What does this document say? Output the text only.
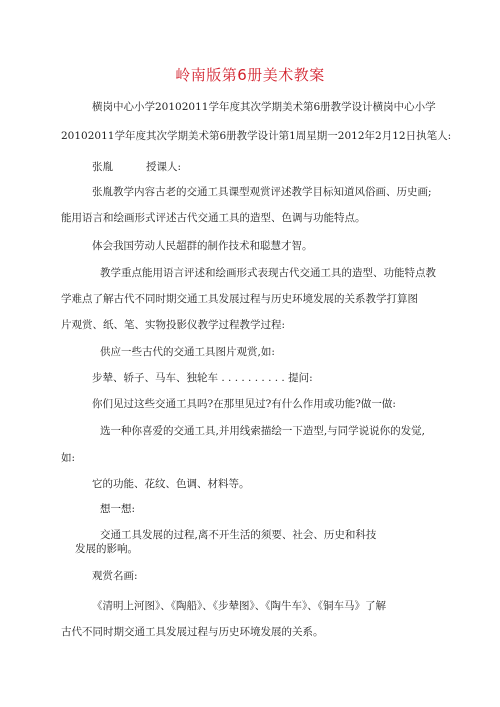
岭南版第6册美术教案
横岗中心小学20102011学年度其次学期美术第6册教学设计横岗中心小学
20102011学年度其次学期美术第6册教学设计第1周星期一2012年2月12日执笔人:
张胤	授课人:
张胤教学内容古老的交通工具课型观赏评述教学目标知道风俗画、历史画;
能用语言和绘画形式评述古代交通工具的造型、色调与功能特点。
体会我国劳动人民超群的制作技术和聪慧才智。
教学重点能用语言评述和绘画形式表现古代交通工具的造型、功能特点教
学难点了解古代不同时期交通工具发展过程与历史环境发展的关系教学打算图
片观赏、纸、笔、实物投影仪教学过程教学过程:
供应一些古代的交通工具图片观赏,如:
步辇、轿子、马车、独轮车 . . . . . . . . . . 提问:
你们见过这些交通工具吗?在那里见过?有什么作用或功能?做一做:
选一种你喜爱的交通工具,并用线索描绘一下造型,与同学说说你的发觉,
如:
它的功能、花纹、色调、材料等。
想一想:
交通工具发展的过程,离不开生活的须要、社会、历史和科技
发展的影响。
观赏名画:
《清明上河图》、《陶船》、《步辇图》、《陶牛车》、《铜车马》了解
古代不同时期交通工具发展过程与历史环境发展的关系。
